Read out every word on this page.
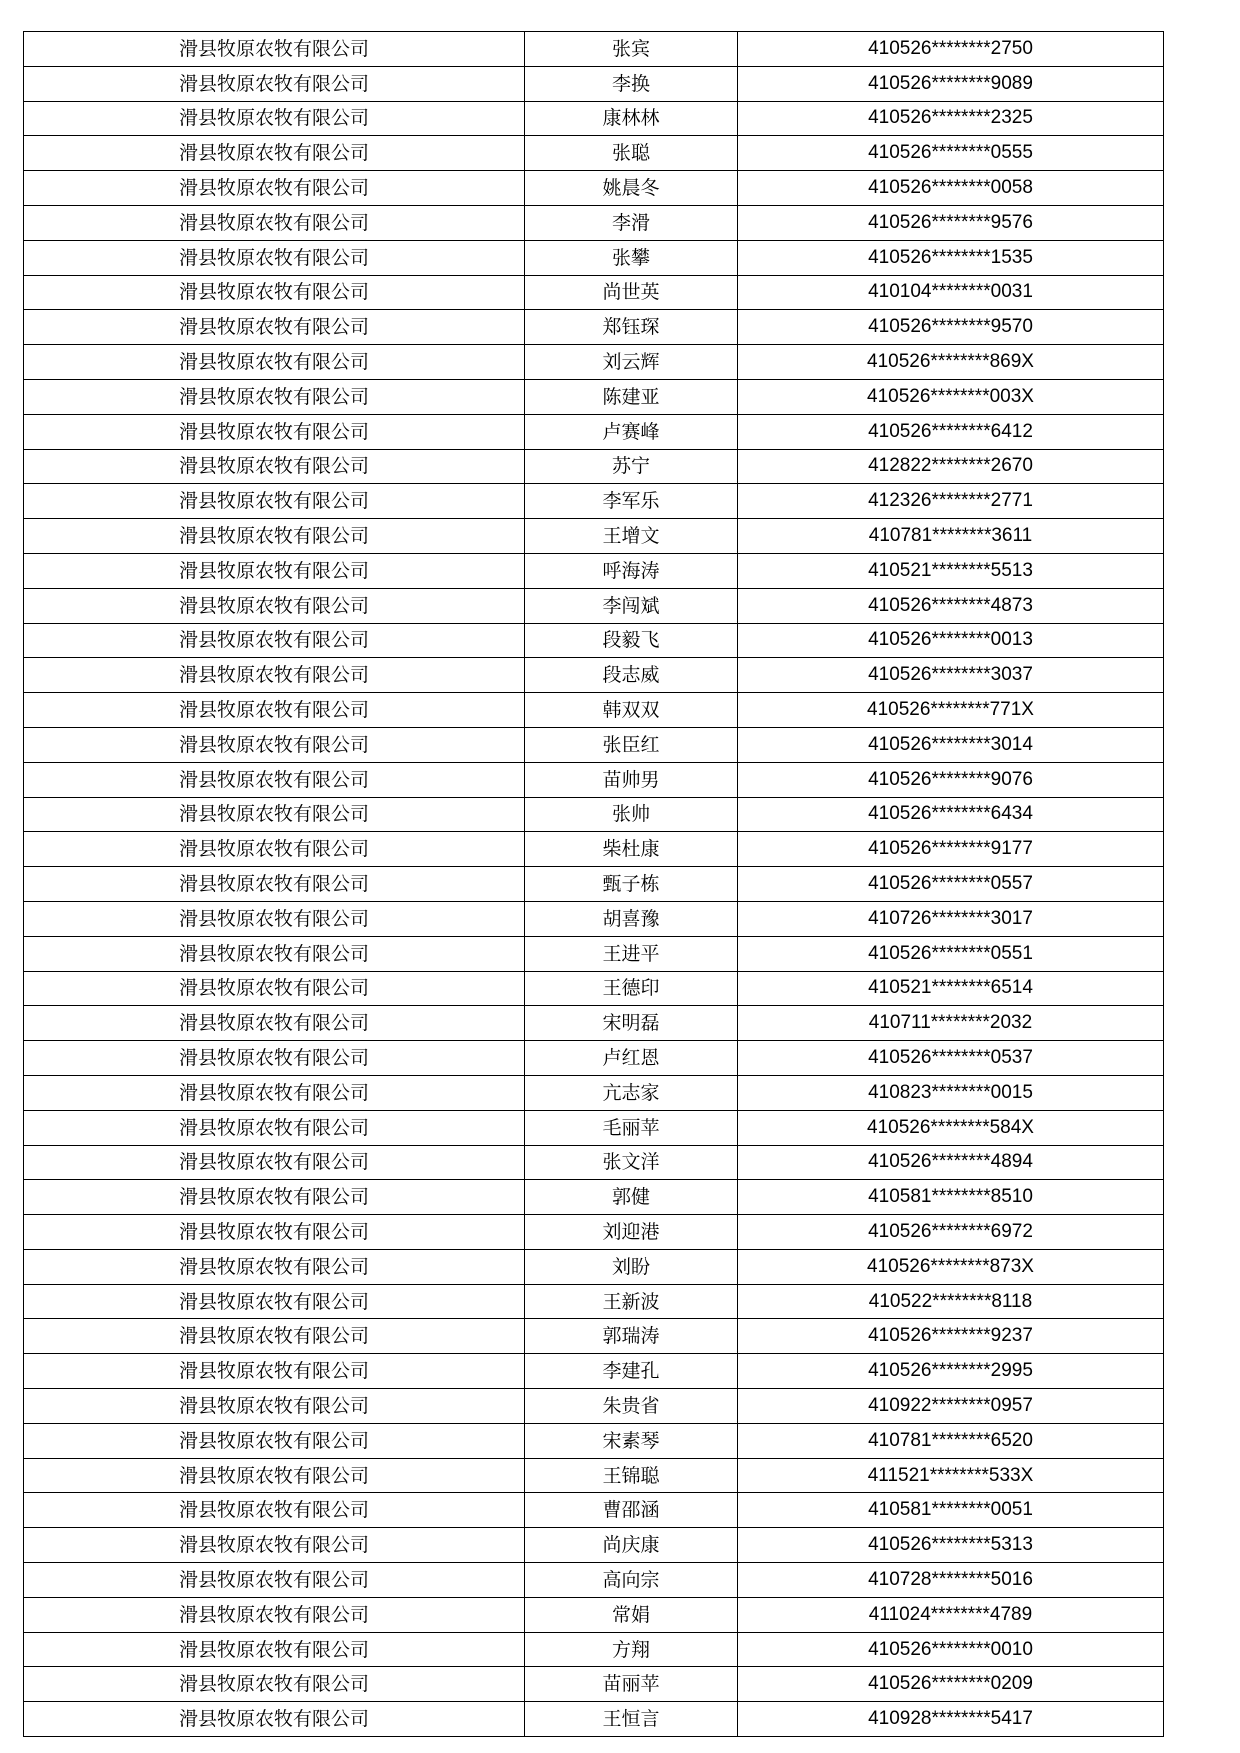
滑县牧原农牧有限公司	张宾	410526********2750
滑县牧原农牧有限公司	李换	410526********9089
滑县牧原农牧有限公司	康林林	410526********2325
滑县牧原农牧有限公司	张聪	410526********0555
滑县牧原农牧有限公司	姚晨冬	410526********0058
滑县牧原农牧有限公司	李滑	410526********9576
滑县牧原农牧有限公司	张攀	410526********1535
滑县牧原农牧有限公司	尚世英	410104********0031
滑县牧原农牧有限公司	郑钰琛	410526********9570
滑县牧原农牧有限公司	刘云辉	410526********869X
滑县牧原农牧有限公司	陈建亚	410526********003X
滑县牧原农牧有限公司	卢赛峰	410526********6412
滑县牧原农牧有限公司	苏宁	412822********2670
滑县牧原农牧有限公司	李军乐	412326********2771
滑县牧原农牧有限公司	王增文	410781********3611
滑县牧原农牧有限公司	呼海涛	410521********5513
滑县牧原农牧有限公司	李闯斌	410526********4873
滑县牧原农牧有限公司	段毅飞	410526********0013
滑县牧原农牧有限公司	段志威	410526********3037
滑县牧原农牧有限公司	韩双双	410526********771X
滑县牧原农牧有限公司	张臣红	410526********3014
滑县牧原农牧有限公司	苗帅男	410526********9076
滑县牧原农牧有限公司	张帅	410526********6434
滑县牧原农牧有限公司	柴杜康	410526********9177
滑县牧原农牧有限公司	甄子栋	410526********0557
滑县牧原农牧有限公司	胡喜豫	410726********3017
滑县牧原农牧有限公司	王进平	410526********0551
滑县牧原农牧有限公司	王德印	410521********6514
滑县牧原农牧有限公司	宋明磊	410711********2032
滑县牧原农牧有限公司	卢红恩	410526********0537
滑县牧原农牧有限公司	亢志家	410823********0015
滑县牧原农牧有限公司	毛丽苹	410526********584X
滑县牧原农牧有限公司	张文洋	410526********4894
滑县牧原农牧有限公司	郭健	410581********8510
滑县牧原农牧有限公司	刘迎港	410526********6972
滑县牧原农牧有限公司	刘盼	410526********873X
滑县牧原农牧有限公司	王新波	410522********8118
滑县牧原农牧有限公司	郭瑞涛	410526********9237
滑县牧原农牧有限公司	李建孔	410526********2995
滑县牧原农牧有限公司	朱贵省	410922********0957
滑县牧原农牧有限公司	宋素琴	410781********6520
滑县牧原农牧有限公司	王锦聪	411521********533X
滑县牧原农牧有限公司	曹邵涵	410581********0051
滑县牧原农牧有限公司	尚庆康	410526********5313
滑县牧原农牧有限公司	高向宗	410728********5016
滑县牧原农牧有限公司	常娟	411024********4789
滑县牧原农牧有限公司	方翔	410526********0010
滑县牧原农牧有限公司	苗丽苹	410526********0209
滑县牧原农牧有限公司	王恒言	410928********5417
